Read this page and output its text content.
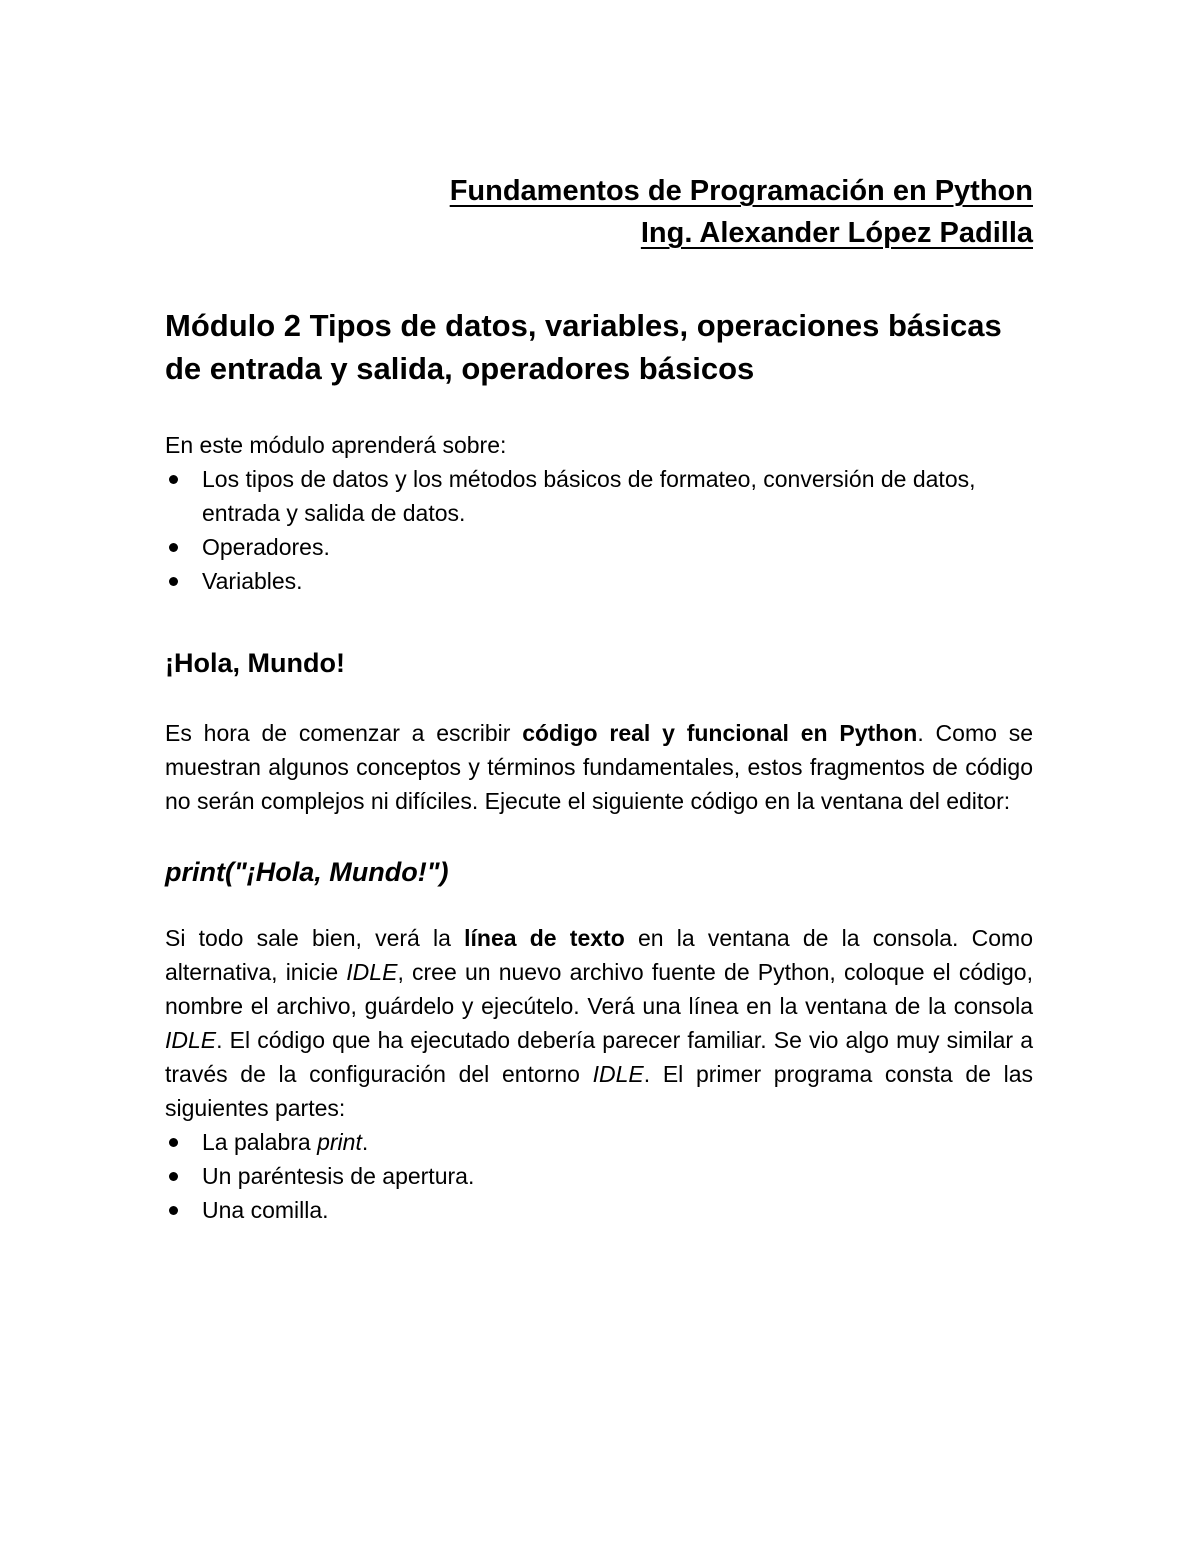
Fundamentos de Programación en Python
Ing. Alexander López Padilla
Módulo 2 Tipos de datos, variables, operaciones básicas de entrada y salida, operadores básicos

En este módulo aprenderá sobre:

Los tipos de datos y los métodos básicos de formateo, conversión de datos, entrada y salida de datos.
Operadores.
Variables.
¡Hola, Mundo!

Es hora de comenzar a escribir código real y funcional en Python. Como se muestran algunos conceptos y términos fundamentales, estos fragmentos de código no serán complejos ni difíciles. Ejecute el siguiente código en la ventana del editor:

print("¡Hola, Mundo!")

Si todo sale bien, verá la línea de texto en la ventana de la consola. Como alternativa, inicie IDLE, cree un nuevo archivo fuente de Python, coloque el código, nombre el archivo, guárdelo y ejecútelo. Verá una línea en la ventana de la consola IDLE. El código que ha ejecutado debería parecer familiar. Se vio algo muy similar a través de la configuración del entorno IDLE. El primer programa consta de las siguientes partes:

La palabra print.
Un paréntesis de apertura.
Una comilla.
